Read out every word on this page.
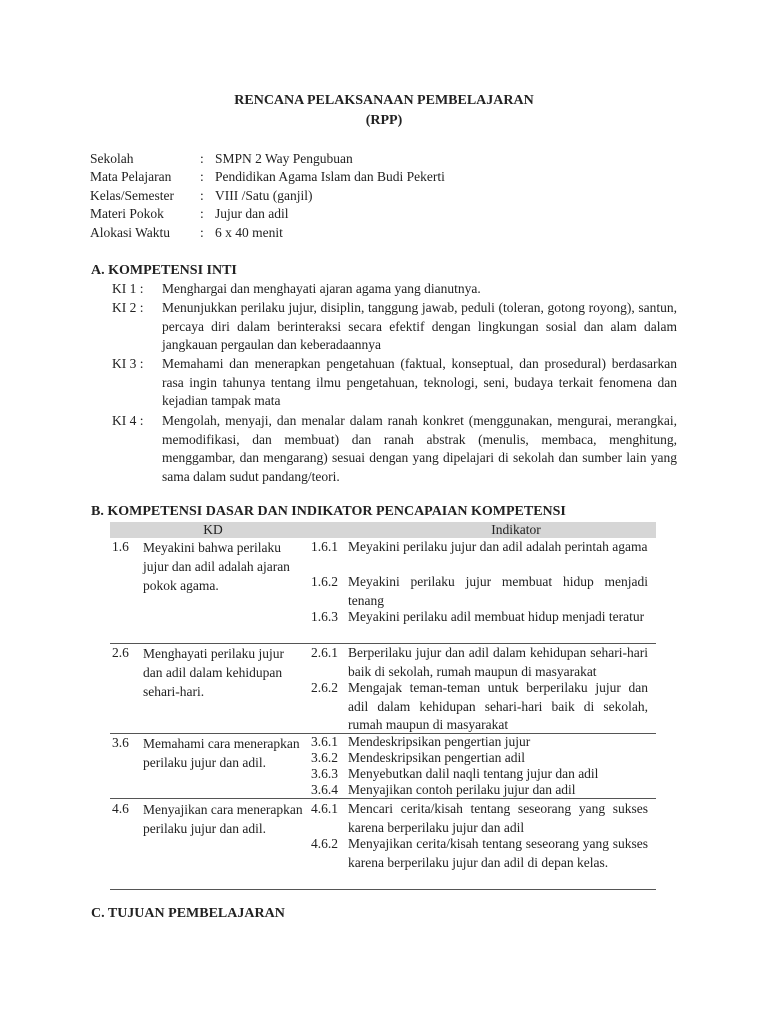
RENCANA PELAKSANAAN PEMBELAJARAN
(RPP)
Sekolah	: SMPN 2 Way Pengubuan
Mata Pelajaran : Pendidikan Agama Islam dan Budi Pekerti
Kelas/Semester : VIII /Satu (ganjil)
Materi Pokok	: Jujur dan adil
Alokasi Waktu : 6 x 40 menit
A. KOMPETENSI INTI
KI 1 : Menghargai dan menghayati ajaran agama yang dianutnya.
KI 2 : Menunjukkan perilaku jujur, disiplin, tanggung jawab, peduli (toleran, gotong royong), santun, percaya diri dalam berinteraksi secara efektif dengan lingkungan sosial dan alam dalam jangkauan pergaulan dan keberadaannya
KI 3 : Memahami dan menerapkan pengetahuan (faktual, konseptual, dan prosedural) berdasarkan rasa ingin tahunya tentang ilmu pengetahuan, teknologi, seni, budaya terkait fenomena dan kejadian tampak mata
KI 4 : Mengolah, menyaji, dan menalar dalam ranah konkret (menggunakan, mengurai, merangkai, memodifikasi, dan membuat) dan ranah abstrak (menulis, membaca, menghitung, menggambar, dan mengarang) sesuai dengan yang dipelajari di sekolah dan sumber lain yang sama dalam sudut pandang/teori.
B. KOMPETENSI DASAR DAN INDIKATOR PENCAPAIAN KOMPETENSI
KD	Indikator
1.6 Meyakini bahwa perilaku jujur dan adil adalah ajaran pokok agama.
1.6.1 Meyakini perilaku jujur dan adil adalah perintah agama
1.6.2 Meyakini perilaku jujur membuat hidup menjadi tenang
1.6.3 Meyakini perilaku adil membuat hidup menjadi teratur
2.6 Menghayati perilaku jujur dan adil dalam kehidupan sehari-hari.
2.6.1 Berperilaku jujur dan adil dalam kehidupan sehari-hari baik di sekolah, rumah maupun di masyarakat
2.6.2 Mengajak teman-teman untuk berperilaku jujur dan adil dalam kehidupan sehari-hari baik di sekolah, rumah maupun di masyarakat
3.6 Memahami cara menerapkan perilaku jujur dan adil.
3.6.1 Mendeskripsikan pengertian jujur
3.6.2 Mendeskripsikan pengertian adil
3.6.3 Menyebutkan dalil naqli tentang jujur dan adil
3.6.4 Menyajikan contoh perilaku jujur dan adil
4.6 Menyajikan cara menerapkan perilaku jujur dan adil.
4.6.1 Mencari cerita/kisah tentang seseorang yang sukses karena berperilaku jujur dan adil
4.6.2 Menyajikan cerita/kisah tentang seseorang yang sukses karena berperilaku jujur dan adil di depan kelas.
C. TUJUAN PEMBELAJARAN
